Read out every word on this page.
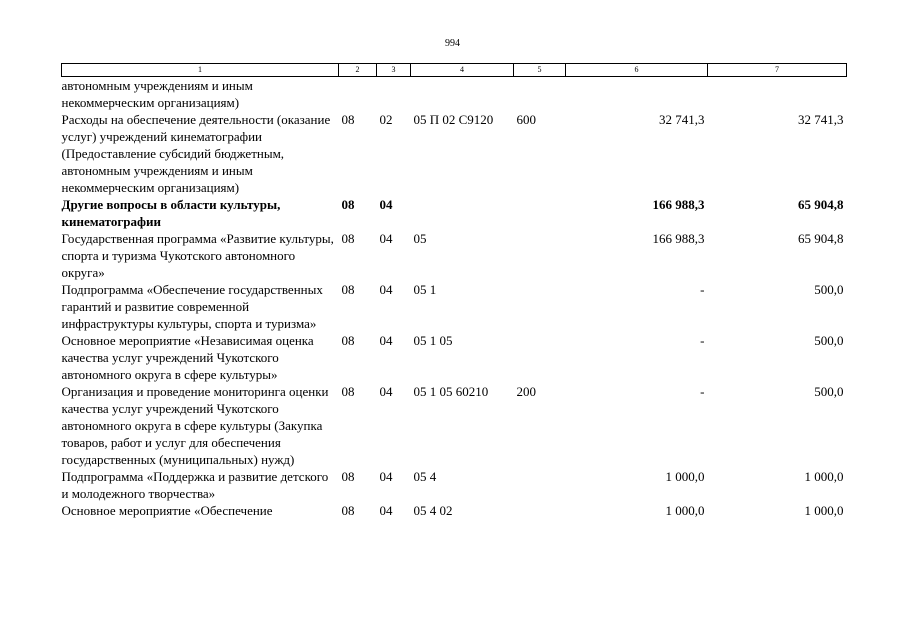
994
1	2	3	4	5	6	7
автономным учреждениям и иным некоммерческим организациям)						
Расходы на обеспечение деятельности (оказание услуг) учреждений кинематографии (Предоставление субсидий бюджетным, автономным учреждениям и иным некоммерческим организациям)	08	02	05 П 02 С9120	600	32 741,3	32 741,3
Другие вопросы в области культуры, кинематографии	08	04			166 988,3	65 904,8
Государственная программа «Развитие культуры, спорта и туризма Чукотского автономного округа»	08	04	05		166 988,3	65 904,8
Подпрограмма «Обеспечение государственных гарантий и развитие современной инфраструктуры культуры, спорта и туризма»	08	04	05 1		-	500,0
Основное мероприятие «Независимая оценка качества услуг учреждений Чукотского автономного округа в сфере культуры»	08	04	05 1 05		-	500,0
Организация и проведение мониторинга оценки качества услуг учреждений Чукотского автономного округа в сфере культуры (Закупка товаров, работ и услуг для обеспечения государственных (муниципальных) нужд)	08	04	05 1 05 60210	200	-	500,0
Подпрограмма «Поддержка и развитие детского и молодежного творчества»	08	04	05 4		1 000,0	1 000,0
Основное мероприятие «Обеспечение	08	04	05 4 02		1 000,0	1 000,0
